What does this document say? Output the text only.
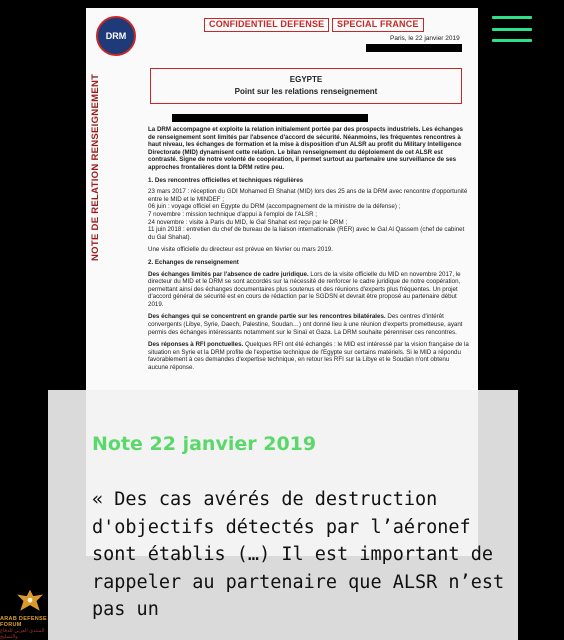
DRM
NOTE DE RELATION RENSEIGNEMENT
CONFIDENTIEL DEFENSE	SPECIAL FRANCE
Paris, le 22 janvier 2019
EGYPTE
Point sur les relations renseignement

La DRM accompagne et exploite la relation initialement portée par des prospects industriels. Les échanges de renseignement sont limités par l'absence d'accord de sécurité. Néanmoins, les fréquentes rencontres à haut niveau, les échanges de formation et la mise à disposition d'un ALSR au profit du Military Intelligence Directorate (MID) dynamisent cette relation. Le bilan renseignement du déploiement de cet ALSR est contrasté. Signe de notre volonté de coopération, il permet surtout au partenaire une surveillance de ses approches frontalières dont la DRM retire peu.

1. Des rencontres officielles et techniques régulières
23 mars 2017 : réception du GDI Mohamed El Shahat (MID) lors des 25 ans de la DRM avec rencontre d'opportunité entre le MID et le MINDEF ;
06 juin : voyage officiel en Egypte du DRM (accompagnement de la ministre de la défense) ;
7 novembre : mission technique d'appui à l'emploi de l'ALSR ;
24 novembre : visite à Paris du MID, le Gal Shahat est reçu par le DRM ;

11 juin 2018 : entretien du chef de bureau de la liaison internationale (RER) avec le Gal Al Qassem (chef de cabinet du Gal Shahat).

Une visite officielle du directeur est prévue en février ou mars 2019.

2. Echanges de renseignement

Des échanges limités par l'absence de cadre juridique. Lors de la visite officielle du MID en novembre 2017, le directeur du MID et le DRM se sont accordés sur la nécessité de renforcer le cadre juridique de notre coopération, permettant ainsi des échanges documentaires plus soutenus et des réunions d'experts plus fréquentes. Un projet d'accord général de sécurité est en cours de rédaction par le SGDSN et devrait être proposé au partenaire début 2019.

Des échanges qui se concentrent en grande partie sur les rencontres bilatérales. Des centres d'intérêt convergents (Libye, Syrie, Daech, Palestine, Soudan…) ont donné lieu à une réunion d'experts prometteuse, ayant permis des échanges intéressants notamment sur le Sinaï et Gaza. La DRM souhaite pérenniser ces rencontres.

Des réponses à RFI ponctuelles. Quelques RFI ont été échangés : le MID est intéressé par la vision française de la situation en Syrie et la DRM profite de l'expertise technique de l'Egypte sur certains matériels. Si le MID a répondu favorablement à ces demandes d'expertise technique, en retour les RFI sur la Libye et le Soudan n'ont obtenu aucune réponse.

Note 22 janvier 2019
« Des cas avérés de destruction d'objectifs détectés par l’aéronef sont établis (…) Il est important de rappeler au partenaire que ALSR n’est pas un
ARAB DEFENSE FORUM
المنتدى العربي للدفاع والتسليح
